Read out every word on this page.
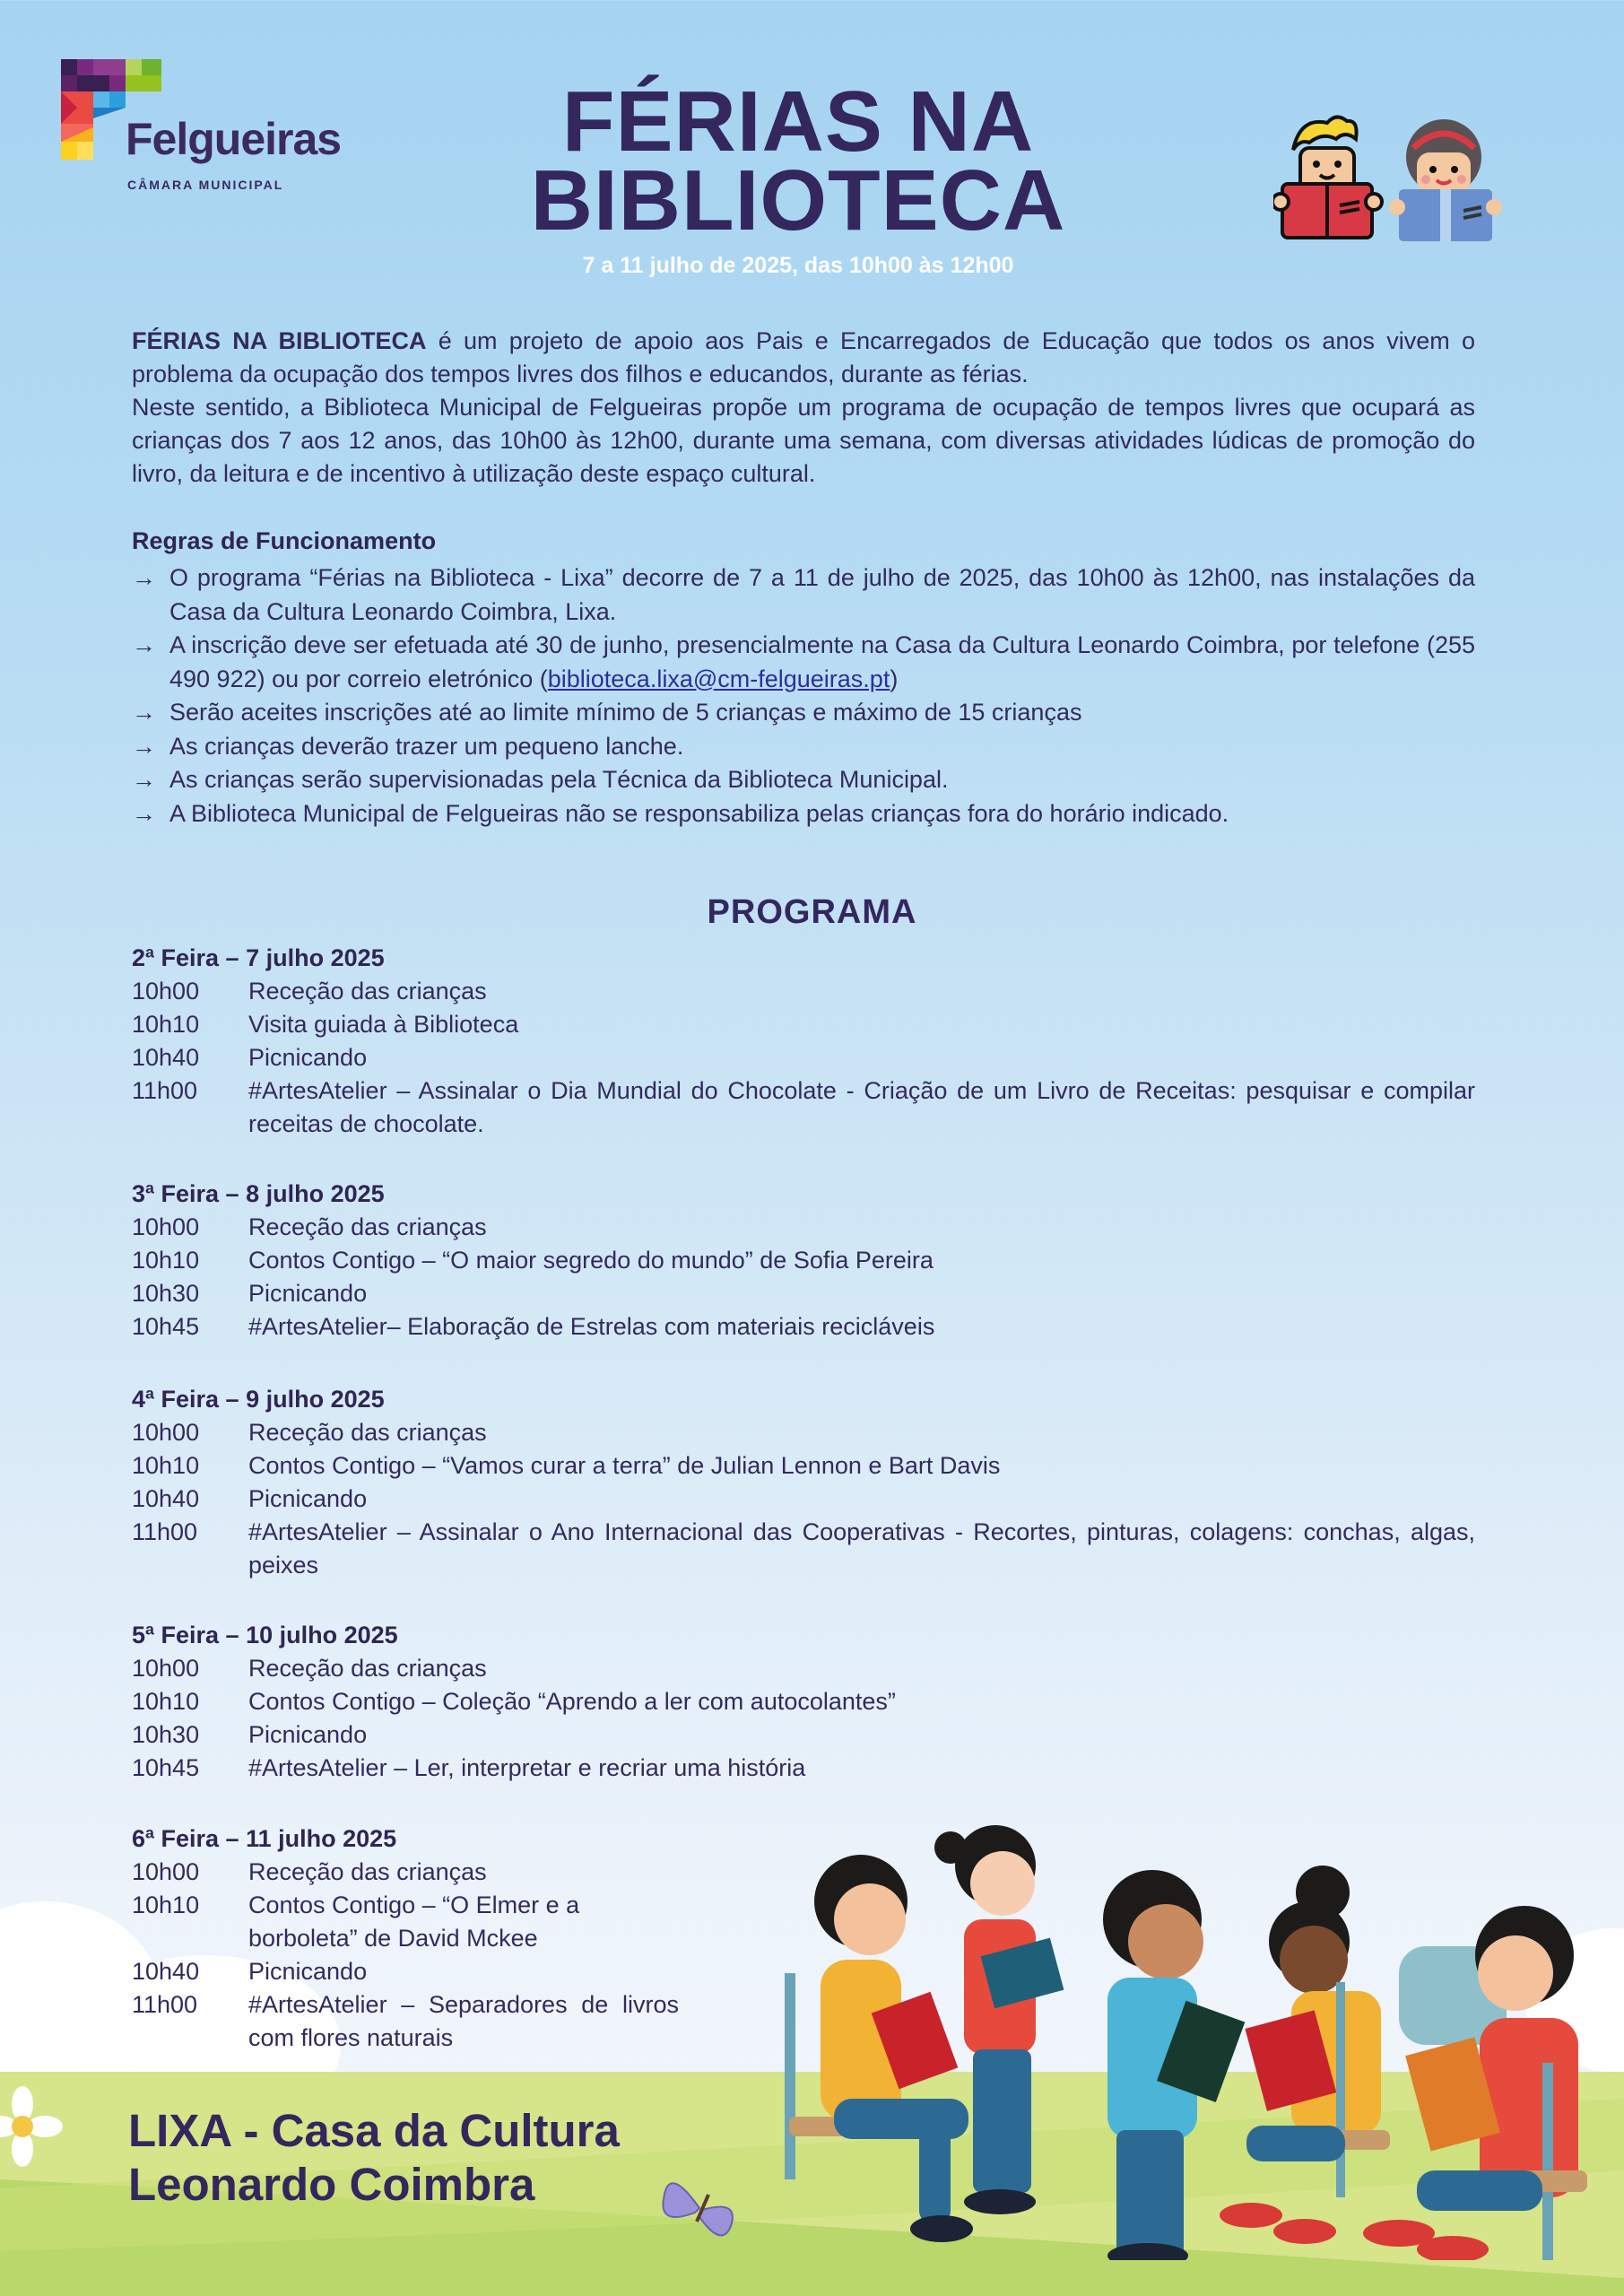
Felgueiras
CÂMARA MUNICIPAL
FÉRIAS NA
BIBLIOTECA
7 a 11 julho de 2025, das 10h00 às 12h00
FÉRIAS NA BIBLIOTECA é um projeto de apoio aos Pais e Encarregados de Educação que todos os anos vivem o problema da ocupação dos tempos livres dos filhos e educandos, durante as férias.
Neste sentido, a Biblioteca Municipal de Felgueiras propõe um programa de ocupação de tempos livres que ocupará as crianças dos 7 aos 12 anos, das 10h00 às 12h00, durante uma semana, com diversas atividades lúdicas de promoção do livro, da leitura e de incentivo à utilização deste espaço cultural.
Regras de Funcionamento
→ O programa “Férias na Biblioteca - Lixa” decorre de 7 a 11 de julho de 2025, das 10h00 às 12h00, nas instalações da Casa da Cultura Leonardo Coimbra, Lixa.
→ A inscrição deve ser efetuada até 30 de junho, presencialmente na Casa da Cultura Leonardo Coimbra, por telefone (255 490 922) ou por correio eletrónico (biblioteca.lixa@cm-felgueiras.pt)
→ Serão aceites inscrições até ao limite mínimo de 5 crianças e máximo de 15 crianças
→ As crianças deverão trazer um pequeno lanche.
→ As crianças serão supervisionadas pela Técnica da Biblioteca Municipal.
→ A Biblioteca Municipal de Felgueiras não se responsabiliza pelas crianças fora do horário indicado.
PROGRAMA
2ª Feira – 7 julho 2025
10h00	Receção das crianças
10h10	Visita guiada à Biblioteca
10h40	Picnicando
11h00	#ArtesAtelier – Assinalar o Dia Mundial do Chocolate - Criação de um Livro de Receitas: pesquisar e compilar receitas de chocolate.
3ª Feira – 8 julho 2025
10h00	Receção das crianças
10h10	Contos Contigo – “O maior segredo do mundo” de Sofia Pereira
10h30	Picnicando
10h45	#ArtesAtelier– Elaboração de Estrelas com materiais recicláveis
4ª Feira – 9 julho 2025
10h00	Receção das crianças
10h10	Contos Contigo – “Vamos curar a terra” de Julian Lennon e Bart Davis
10h40	Picnicando
11h00	#ArtesAtelier – Assinalar o Ano Internacional das Cooperativas - Recortes, pinturas, colagens: conchas, algas, peixes
5ª Feira – 10 julho 2025
10h00	Receção das crianças
10h10	Contos Contigo – Coleção “Aprendo a ler com autocolantes”
10h30	Picnicando
10h45	#ArtesAtelier – Ler, interpretar e recriar uma história
6ª Feira – 11 julho 2025
10h00	Receção das crianças
10h10	Contos Contigo – “O Elmer e a borboleta” de David Mckee
10h40	Picnicando
11h00	#ArtesAtelier – Separadores de livros com flores naturais
LIXA - Casa da Cultura
Leonardo Coimbra
